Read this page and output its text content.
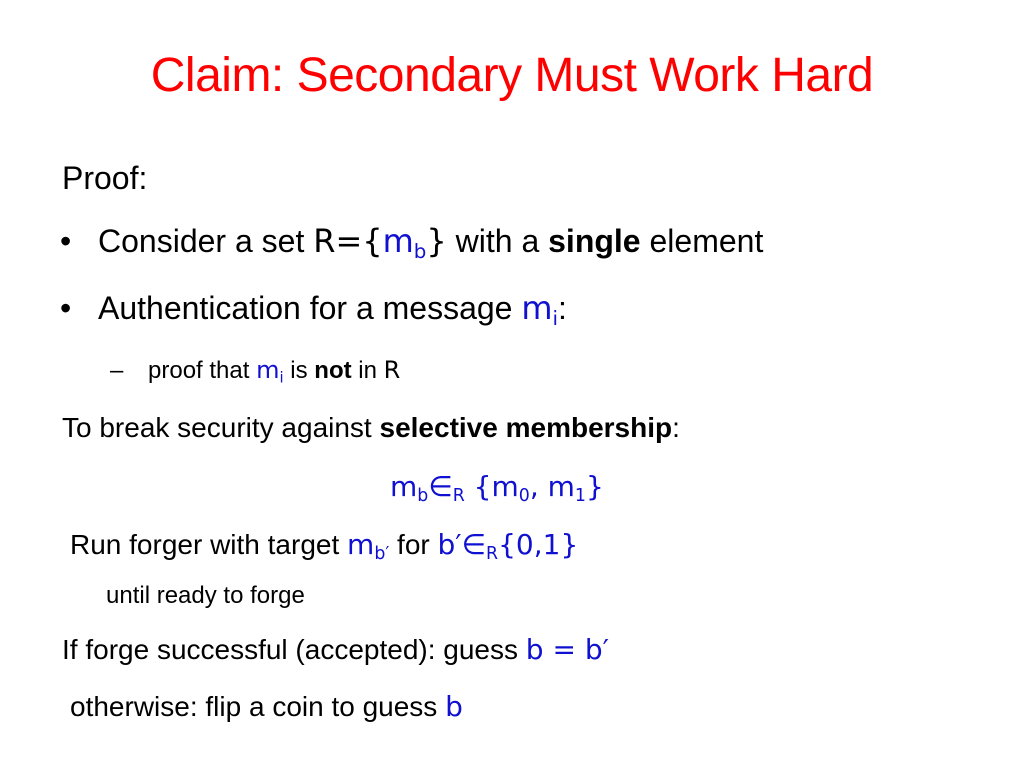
Claim: Secondary Must Work Hard
Proof:
• Consider a set $R=\{m_b\}$ with a single element
• Authentication for a message $m_i$:
– proof that $m_i$ is not in R
To break security against selective membership:
$m_b\in_R$ {$m_0$, $m_1$}
Run forger with target $m_{b'}$ for $b'\in_R\{0,1\}$
until ready to forge
If forge successful (accepted): guess b = b′
otherwise: flip a coin to guess b
